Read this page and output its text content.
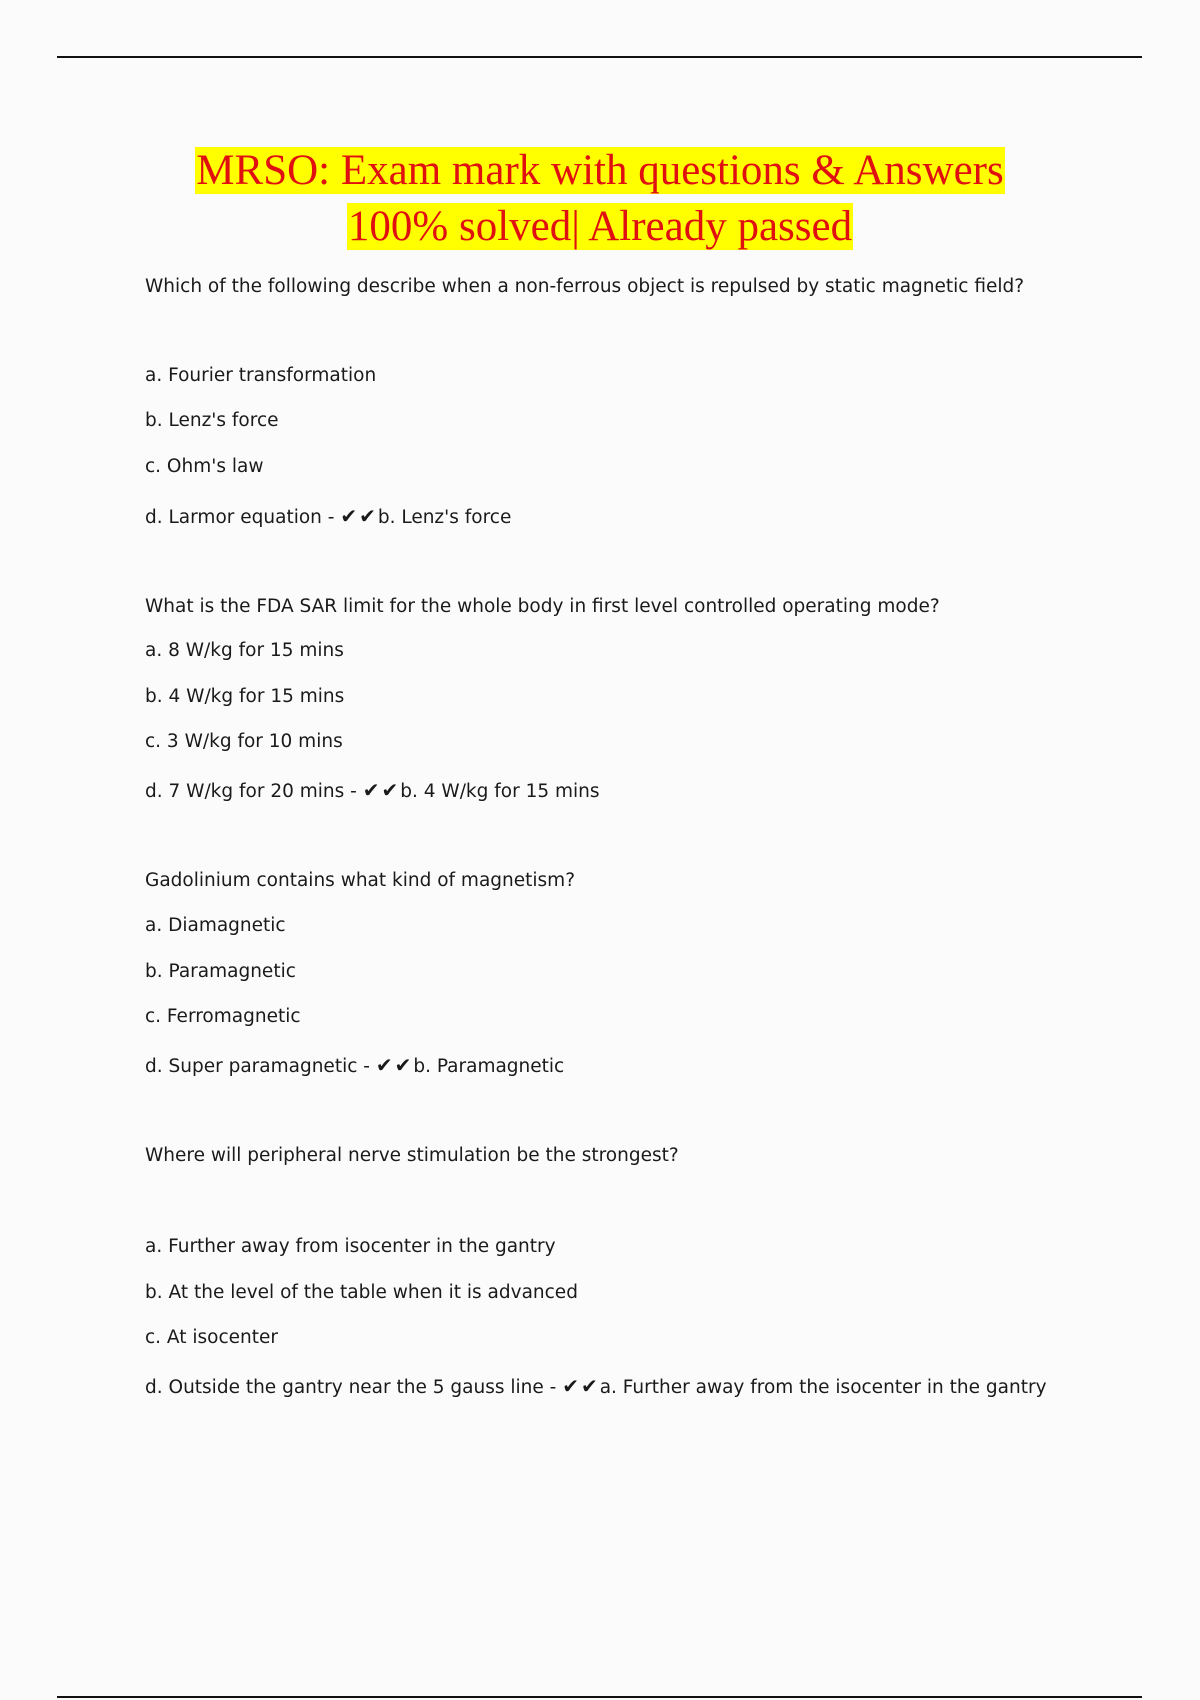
MRSO: Exam mark with questions & Answers
100% solved| Already passed
Which of the following describe when a non-ferrous object is repulsed by static magnetic field?
a. Fourier transformation
b. Lenz's force
c. Ohm's law
d. Larmor equation - ✔✔b. Lenz's force
What is the FDA SAR limit for the whole body in first level controlled operating mode?
a. 8 W/kg for 15 mins
b. 4 W/kg for 15 mins
c. 3 W/kg for 10 mins
d. 7 W/kg for 20 mins - ✔✔b. 4 W/kg for 15 mins
Gadolinium contains what kind of magnetism?
a. Diamagnetic
b. Paramagnetic
c. Ferromagnetic
d. Super paramagnetic - ✔✔b. Paramagnetic
Where will peripheral nerve stimulation be the strongest?
a. Further away from isocenter in the gantry
b. At the level of the table when it is advanced
c. At isocenter
d. Outside the gantry near the 5 gauss line - ✔✔a. Further away from the isocenter in the gantry
